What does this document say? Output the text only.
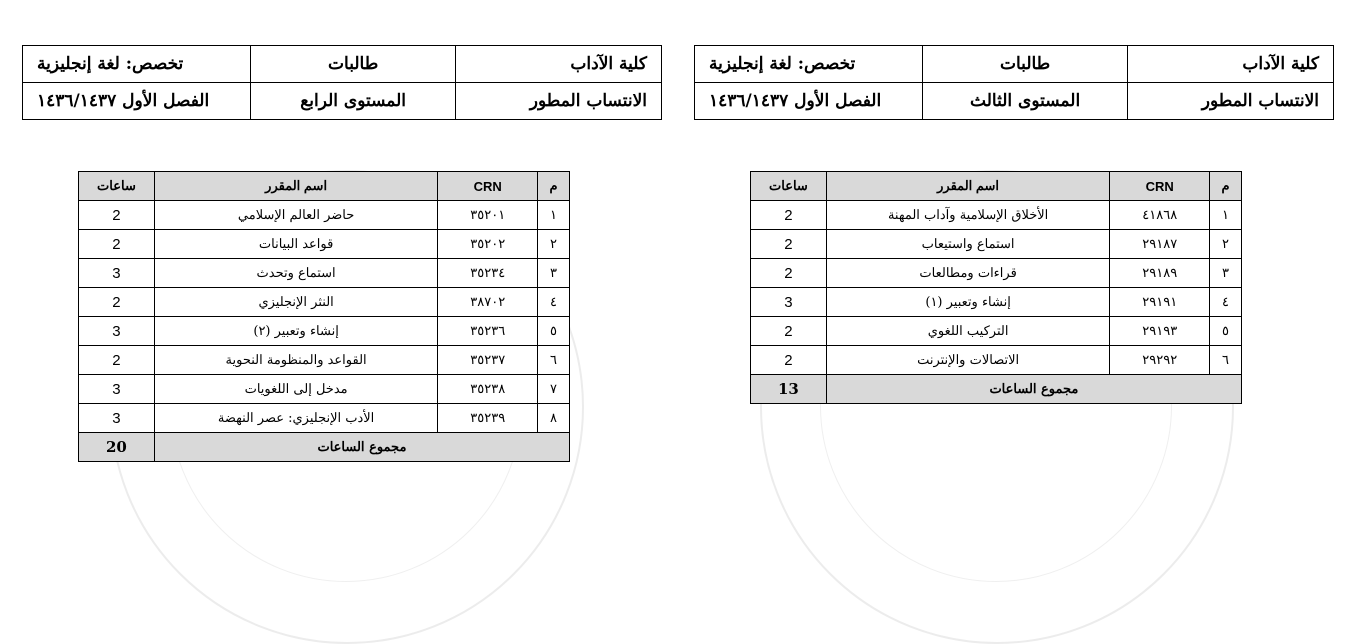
كلية الآداب	طالبات	تخصص: لغة إنجليزية
الانتساب المطور	المستوى الرابع	الفصل الأول ١٤٣٦/١٤٣٧
كلية الآداب	طالبات	تخصص: لغة إنجليزية
الانتساب المطور	المستوى الثالث	الفصل الأول ١٤٣٦/١٤٣٧
م	CRN	اسم المقرر	ساعات
١	٣٥٢٠١	حاضر العالم الإسلامي	2
٢	٣٥٢٠٢	قواعد البيانات	2
٣	٣٥٢٣٤	استماع وتحدث	3
٤	٣٨٧٠٢	النثر الإنجليزي	2
٥	٣٥٢٣٦	إنشاء وتعبير (٢)	3
٦	٣٥٢٣٧	القواعد والمنظومة النحوية	2
٧	٣٥٢٣٨	مدخل إلى اللغويات	3
٨	٣٥٢٣٩	الأدب الإنجليزي: عصر النهضة	3
مجموع الساعات			20
م	CRN	اسم المقرر	ساعات
١	٤١٨٦٨	الأخلاق الإسلامية وآداب المهنة	2
٢	٢٩١٨٧	استماع واستيعاب	2
٣	٢٩١٨٩	قراءات ومطالعات	2
٤	٢٩١٩١	إنشاء وتعبير (١)	3
٥	٢٩١٩٣	التركيب اللغوي	2
٦	٢٩٢٩٢	الاتصالات والإنترنت	2
مجموع الساعات			13
